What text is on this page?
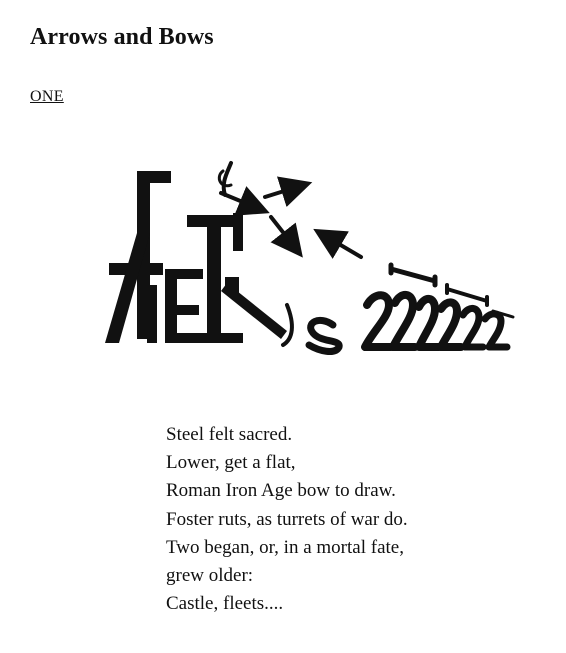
Arrows and Bows
ONE
Steel felt sacred.
Lower, get a flat,
Roman Iron Age bow to draw.
Foster ruts, as turrets of war do.
Two began, or, in a mortal fate,
grew older:
Castle, fleets....
